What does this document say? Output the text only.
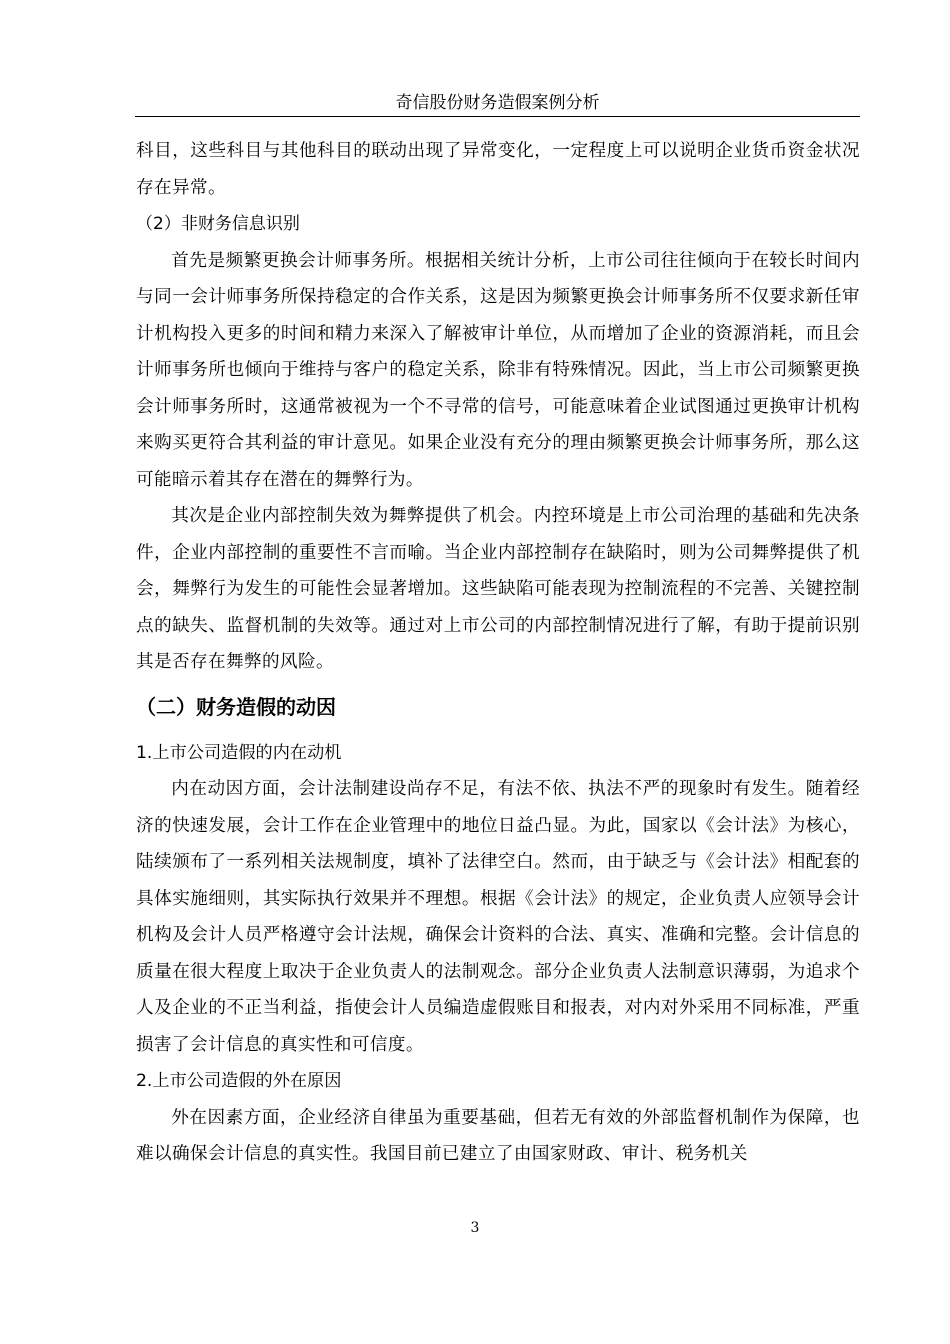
奇信股份财务造假案例分析

科目，这些科目与其他科目的联动出现了异常变化，一定程度上可以说明企业货币资金状况存在异常。

（2）非财务信息识别

首先是频繁更换会计师事务所。根据相关统计分析，上市公司往往倾向于在较长时间内与同一会计师事务所保持稳定的合作关系，这是因为频繁更换会计师事务所不仅要求新任审计机构投入更多的时间和精力来深入了解被审计单位，从而增加了企业的资源消耗，而且会计师事务所也倾向于维持与客户的稳定关系，除非有特殊情况。因此，当上市公司频繁更换会计师事务所时，这通常被视为一个不寻常的信号，可能意味着企业试图通过更换审计机构来购买更符合其利益的审计意见。如果企业没有充分的理由频繁更换会计师事务所，那么这可能暗示着其存在潜在的舞弊行为。

其次是企业内部控制失效为舞弊提供了机会。内控环境是上市公司治理的基础和先决条件，企业内部控制的重要性不言而喻。当企业内部控制存在缺陷时，则为公司舞弊提供了机会，舞弊行为发生的可能性会显著增加。这些缺陷可能表现为控制流程的不完善、关键控制点的缺失、监督机制的失效等。通过对上市公司的内部控制情况进行了解，有助于提前识别其是否存在舞弊的风险。

（二）财务造假的动因

1.上市公司造假的内在动机

内在动因方面，会计法制建设尚存不足，有法不依、执法不严的现象时有发生。随着经济的快速发展，会计工作在企业管理中的地位日益凸显。为此，国家以《会计法》为核心，陆续颁布了一系列相关法规制度，填补了法律空白。然而，由于缺乏与《会计法》相配套的具体实施细则，其实际执行效果并不理想。根据《会计法》的规定，企业负责人应领导会计机构及会计人员严格遵守会计法规，确保会计资料的合法、真实、准确和完整。会计信息的质量在很大程度上取决于企业负责人的法制观念。部分企业负责人法制意识薄弱，为追求个人及企业的不正当利益，指使会计人员编造虚假账目和报表，对内对外采用不同标准，严重损害了会计信息的真实性和可信度。

2.上市公司造假的外在原因

外在因素方面，企业经济自律虽为重要基础，但若无有效的外部监督机制作为保障，也难以确保会计信息的真实性。我国目前已建立了由国家财政、审计、税务机关

3
